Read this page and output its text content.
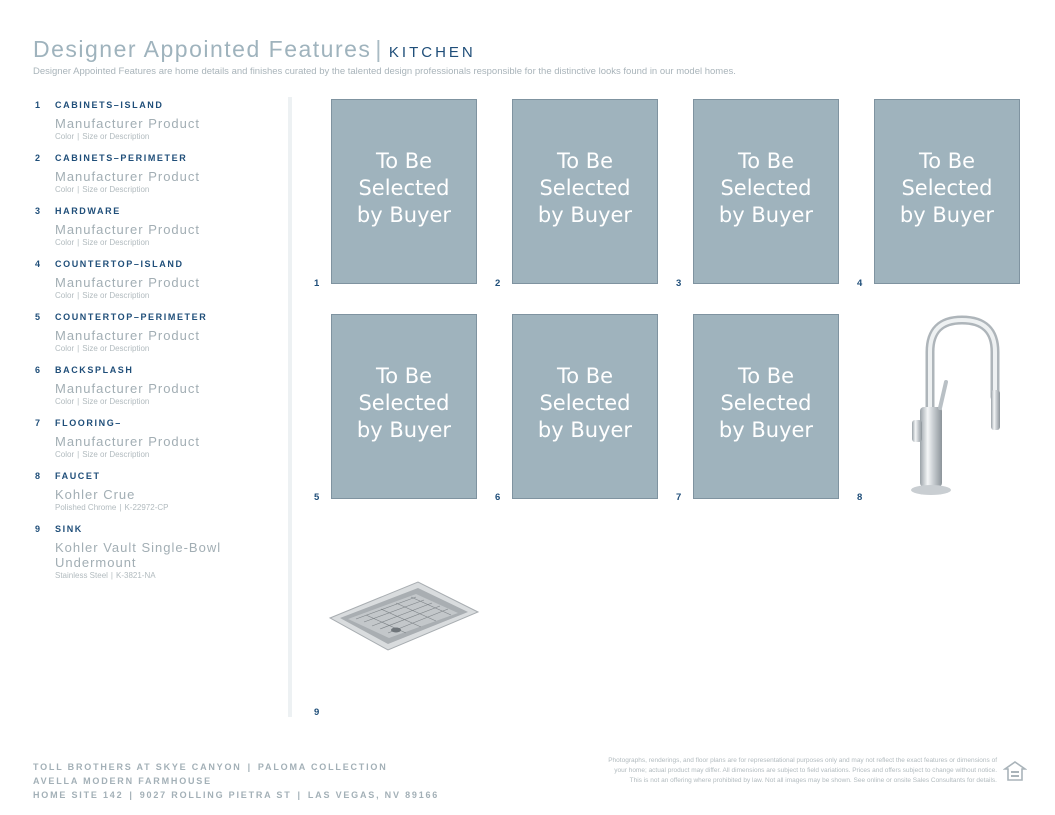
Designer Appointed Features | KITCHEN
Designer Appointed Features are home details and finishes curated by the talented design professionals responsible for the distinctive looks found in our model homes.
1 CABINETS–ISLAND
Manufacturer Product
Color | Size or Description
2 CABINETS–PERIMETER
Manufacturer Product
Color | Size or Description
3 HARDWARE
Manufacturer Product
Color | Size or Description
4 COUNTERTOP–ISLAND
Manufacturer Product
Color | Size or Description
5 COUNTERTOP–PERIMETER
Manufacturer Product
Color | Size or Description
6 BACKSPLASH
Manufacturer Product
Color | Size or Description
7 FLOORING–
Manufacturer Product
Color | Size or Description
8 FAUCET
Kohler Crue
Polished Chrome | K-22972-CP
9 SINK
Kohler Vault Single-Bowl Undermount
Stainless Steel | K-3821-NA
To Be
Selected
by Buyer
1
To Be
Selected
by Buyer
2
To Be
Selected
by Buyer
3
To Be
Selected
by Buyer
4
To Be
Selected
by Buyer
5
To Be
Selected
by Buyer
6
To Be
Selected
by Buyer
7	8
9
TOLL BROTHERS AT SKYE CANYON | PALOMA COLLECTION
AVELLA MODERN FARMHOUSE
HOME SITE 142 | 9027 ROLLING PIETRA ST | LAS VEGAS, NV 89166
Photographs, renderings, and floor plans are for representational purposes only and may not reflect the exact features or dimensions of
your home; actual product may differ. All dimensions are subject to field variations. Prices and offers subject to change without notice.
This is not an offering where prohibited by law. Not all images may be shown. See online or onsite Sales Consultants for details.
